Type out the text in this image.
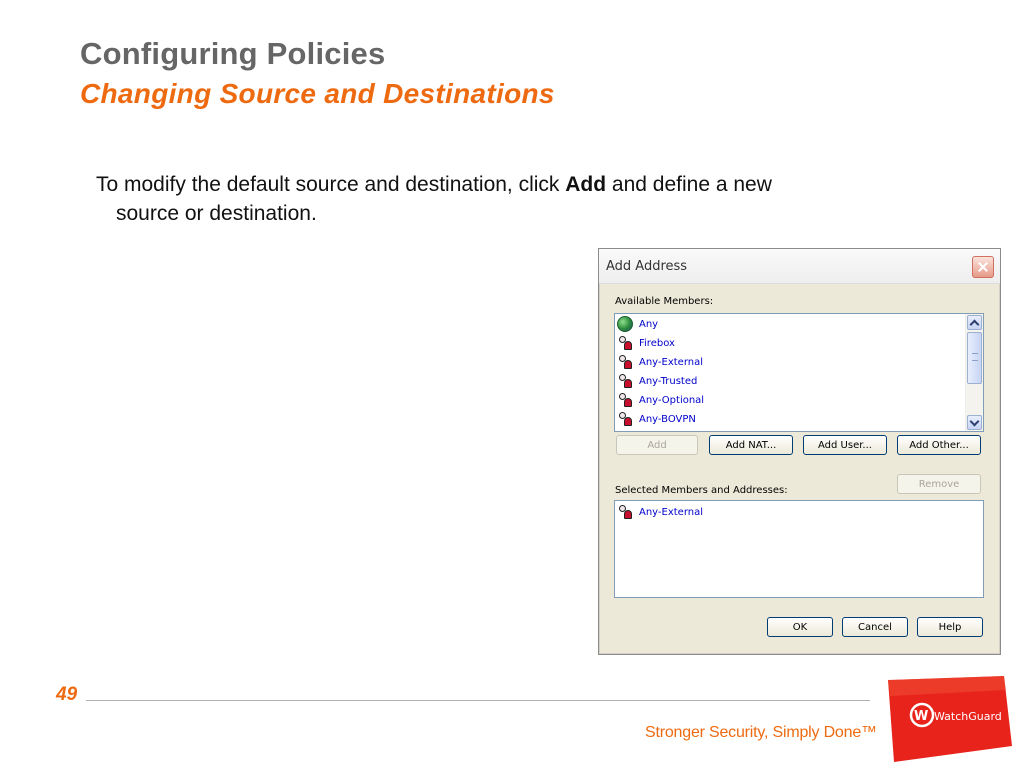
Configuring Policies
Changing Source and Destinations
To modify the default source and destination, click Add and define a new
source or destination.
Add Address
Available Members:
Any
Firebox
Any-External
Any-Trusted
Any-Optional
Any-BOVPN
Add	Add NAT...	Add User...	Add Other...
Remove
Selected Members and Addresses:
Any-External
OK	Cancel	Help
49
Stronger Security, Simply Done™
W WatchGuard
